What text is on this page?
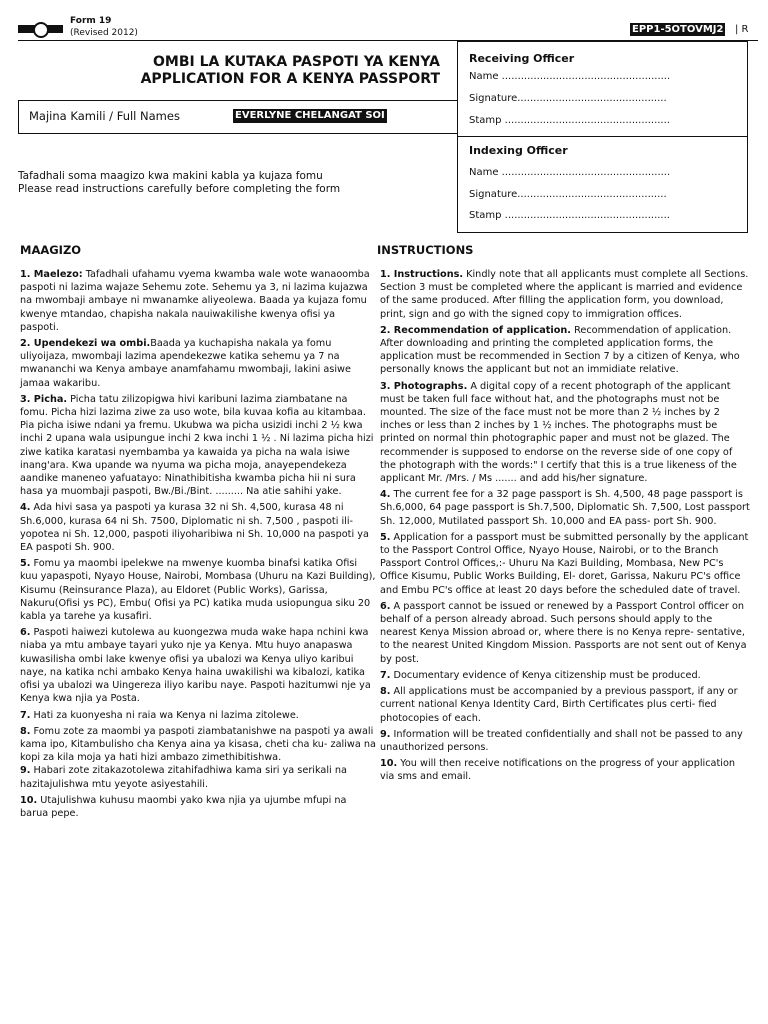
Form 19
(Revised 2012)	EPP1-5OTOVMJ2 | R
OMBI LA KUTAKA PASPOTI YA KENYA
APPLICATION FOR A KENYA PASSPORT
Receiving Officer
Name .....................................................
Signature...............................................
Stamp ....................................................
Indexing Officer
Name .....................................................
Signature...............................................
Stamp ....................................................
Majina Kamili / Full Names	EVERLYNE CHELANGAT SOI
Tafadhali soma maagizo kwa makini kabla ya kujaza fomu
Please read instructions carefully before completing the form
MAAGIZO	INSTRUCTIONS

1. Maelezo: Tafadhali ufahamu vyema kwamba wale wote wanaoomba paspoti ni lazima wajaze Sehemu zote. Sehemu ya 3, ni lazima kujazwa na mwombaji ambaye ni mwanamke aliyeolewa. Baada ya kujaza fomu kwenye mtandao, chapisha nakala nauiwakilishe kwenya ofisi ya paspoti.

2. Upendekezi wa ombi.Baada ya kuchapisha nakala ya fomu uliyoijaza, mwombaji lazima apendekezwe katika sehemu ya 7 na mwananchi wa Kenya ambaye anamfahamu mwombaji, lakini asiwe jamaa wakaribu.

3. Picha. Picha tatu zilizopigwa hivi karibuni lazima ziambatane na fomu. Picha hizi lazima ziwe za uso wote, bila kuvaa kofia au kitambaa. Pia picha isiwe ndani ya fremu. Ukubwa wa picha usizidi inchi 2 ½ kwa inchi 2 upana wala usipungue inchi 2 kwa inchi 1 ½ . Ni lazima picha hizi ziwe katika karatasi nyembamba ya kawaida ya picha na wala isiwe inang'ara. Kwa upande wa nyuma wa picha moja, anayependekeza aandike maneneo yafuatayo: Ninathibitisha kwamba picha hii ni sura hasa ya muombaji paspoti, Bw./Bi./Bint. ......... Na atie sahihi yake.

4. Ada hivi sasa ya paspoti ya kurasa 32 ni Sh. 4,500, kurasa 48 ni Sh.6,000, kurasa 64 ni Sh. 7500, Diplomatic ni sh. 7,500 , paspoti ili- yopotea ni Sh. 12,000, paspoti iliyoharibiwa ni Sh. 10,000 na paspoti ya EA paspoti Sh. 900.

5. Fomu ya maombi ipelekwe na mwenye kuomba binafsi katika Ofisi kuu yapaspoti, Nyayo House, Nairobi, Mombasa (Uhuru na Kazi Building), Kisumu (Reinsurance Plaza), au Eldoret (Public Works), Garissa, Nakuru(Ofisi ys PC), Embu( Ofisi ya PC) katika muda usiopungua siku 20 kabla ya tarehe ya kusafiri.

6. Paspoti haiwezi kutolewa au kuongezwa muda wake hapa nchini kwa niaba ya mtu ambaye tayari yuko nje ya Kenya. Mtu huyo anapaswa kuwasilisha ombi lake kwenye ofisi ya ubalozi wa Kenya uliyo karibui naye, na katika nchi ambako Kenya haina uwakilishi wa kibalozi, katika ofisi ya ubalozi wa Uingereza iliyo karibu naye. Paspoti hazitumwi nje ya Kenya kwa njia ya Posta.

7. Hati za kuonyesha ni raia wa Kenya ni lazima zitolewe.

8. Fomu zote za maombi ya paspoti ziambatanishwe na paspoti ya awali kama ipo, Kitambulisho cha Kenya aina ya kisasa, cheti cha ku- zaliwa na kopi za kila moja ya hati hizi ambazo zimethibitishwa.

9. Habari zote zitakazotolewa zitahifadhiwa kama siri ya serikali na hazitajulishwa mtu yeyote asiyestahili.

10. Utajulishwa kuhusu maombi yako kwa njia ya ujumbe mfupi na barua pepe.

1. Instructions. Kindly note that all applicants must complete all Sections. Section 3 must be completed where the applicant is married and evidence of the same produced. After filling the application form, you download, print, sign and go with the signed copy to immigration offices.

2. Recommendation of application. Recommendation of application. After downloading and printing the completed application forms, the application must be recommended in Section 7 by a citizen of Kenya, who personally knows the applicant but not an immidiate relative.

3. Photographs. A digital copy of a recent photograph of the applicant must be taken full face without hat, and the photographs must not be mounted. The size of the face must not be more than 2 ½ inches by 2 inches or less than 2 inches by 1 ½ inches. The photographs must be printed on normal thin photographic paper and must not be glazed. The recommender is supposed to endorse on the reverse side of one copy of the photograph with the words:" I certify that this is a true likeness of the applicant Mr. /Mrs. / Ms ....... and add his/her signature.

4. The current fee for a 32 page passport is Sh. 4,500, 48 page passport is Sh.6,000, 64 page passport is Sh.7,500, Diplomatic Sh. 7,500, Lost passport Sh. 12,000, Mutilated passport Sh. 10,000 and EA pass- port Sh. 900.

5. Application for a passport must be submitted personally by the applicant to the Passport Control Office, Nyayo House, Nairobi, or to the Branch Passport Control Offices,:- Uhuru Na Kazi Building, Mombasa, New PC's Office Kisumu, Public Works Building, El- doret, Garissa, Nakuru PC's office and Embu PC's office at least 20 days before the scheduled date of travel.

6. A passport cannot be issued or renewed by a Passport Control officer on behalf of a person already abroad. Such persons should apply to the nearest Kenya Mission abroad or, where there is no Kenya repre- sentative, to the nearest United Kingdom Mission. Passports are not sent out of Kenya by post.

7. Documentary evidence of Kenya citizenship must be produced.

8. All applications must be accompanied by a previous passport, if any or current national Kenya Identity Card, Birth Certificates plus certi- fied photocopies of each.

9. Information will be treated confidentially and shall not be passed to any unauthorized persons.

10. You will then receive notifications on the progress of your application via sms and email.
